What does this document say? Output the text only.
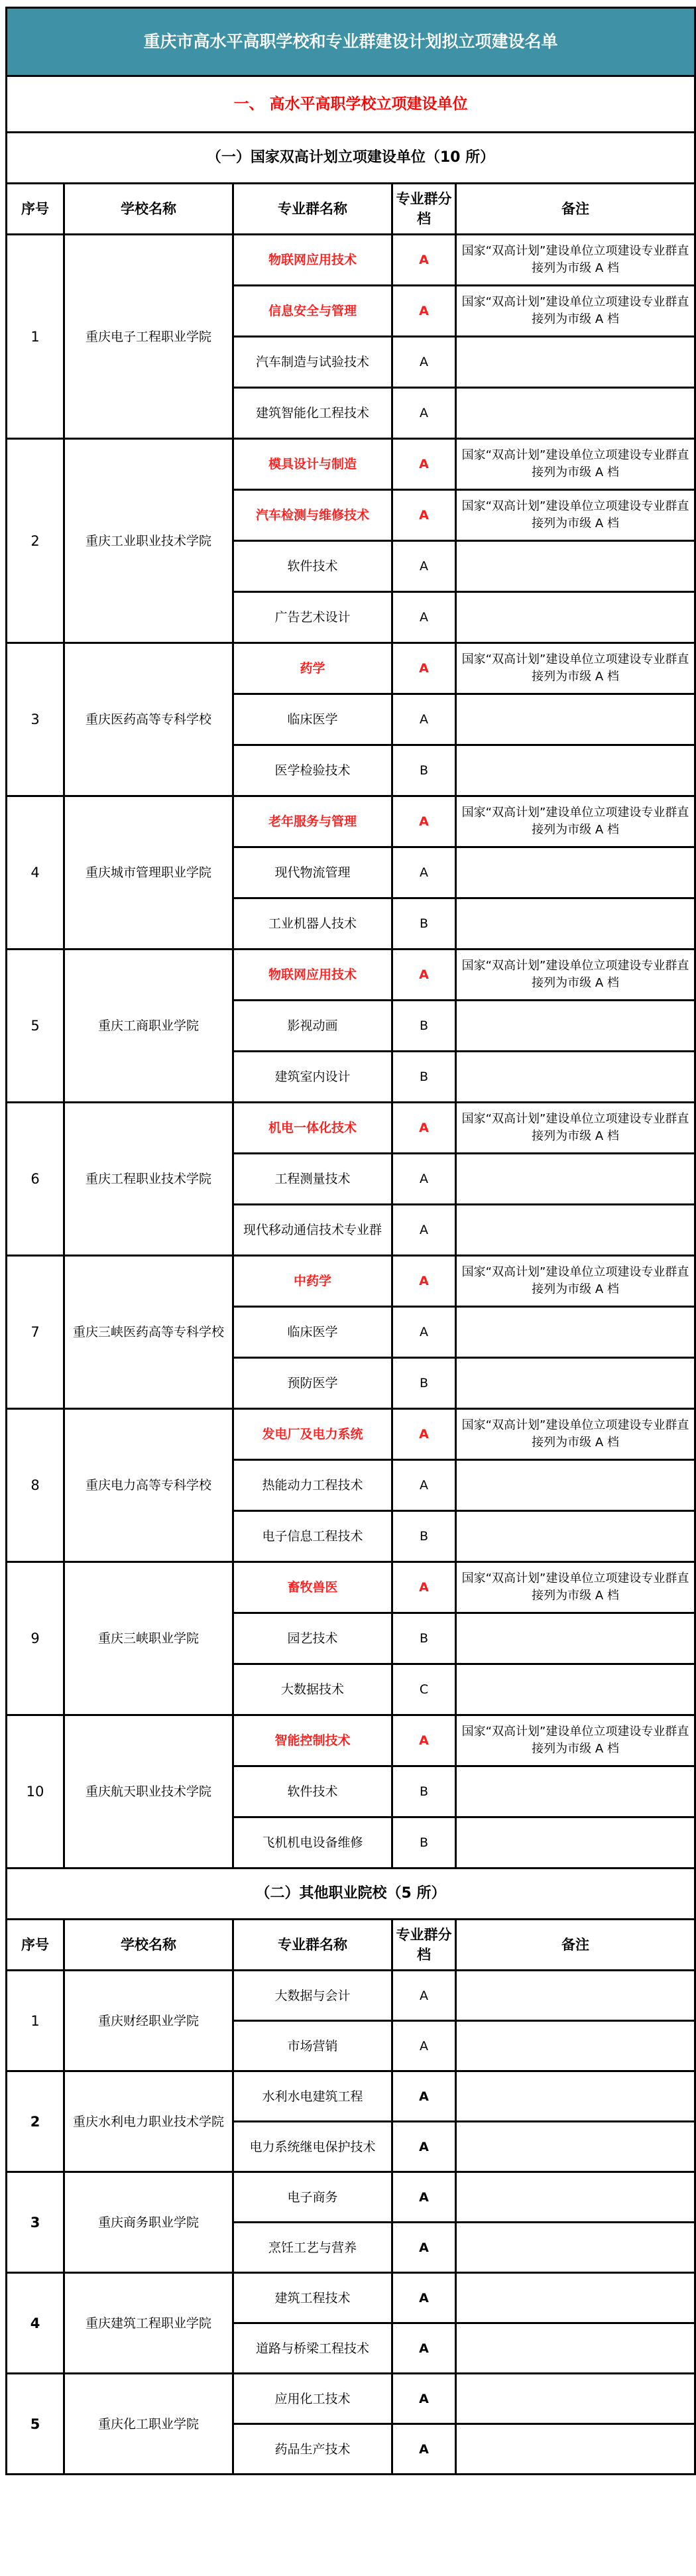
重庆市高水平高职学校和专业群建设计划拟立项建设名单				
一、 高水平高职学校立项建设单位				
（一）国家双高计划立项建设单位（10 所）				
序号	学校名称	专业群名称	专业群分档	备注
1	重庆电子工程职业学院	物联网应用技术	A	国家“双高计划”建设单位立项建设专业群直接列为市级 A 档
		信息安全与管理	A	国家“双高计划”建设单位立项建设专业群直接列为市级 A 档
		汽车制造与试验技术	A	
		建筑智能化工程技术	A	
2	重庆工业职业技术学院	模具设计与制造	A	国家“双高计划”建设单位立项建设专业群直接列为市级 A 档
		汽车检测与维修技术	A	国家“双高计划”建设单位立项建设专业群直接列为市级 A 档
		软件技术	A	
		广告艺术设计	A	
3	重庆医药高等专科学校	药学	A	国家“双高计划”建设单位立项建设专业群直接列为市级 A 档
		临床医学	A	
		医学检验技术	B	
4	重庆城市管理职业学院	老年服务与管理	A	国家“双高计划”建设单位立项建设专业群直接列为市级 A 档
		现代物流管理	A	
		工业机器人技术	B	
5	重庆工商职业学院	物联网应用技术	A	国家“双高计划”建设单位立项建设专业群直接列为市级 A 档
		影视动画	B	
		建筑室内设计	B	
6	重庆工程职业技术学院	机电一体化技术	A	国家“双高计划”建设单位立项建设专业群直接列为市级 A 档
		工程测量技术	A	
		现代移动通信技术专业群	A	
7	重庆三峡医药高等专科学校	中药学	A	国家“双高计划”建设单位立项建设专业群直接列为市级 A 档
		临床医学	A	
		预防医学	B	
8	重庆电力高等专科学校	发电厂及电力系统	A	国家“双高计划”建设单位立项建设专业群直接列为市级 A 档
		热能动力工程技术	A	
		电子信息工程技术	B	
9	重庆三峡职业学院	畜牧兽医	A	国家“双高计划”建设单位立项建设专业群直接列为市级 A 档
		园艺技术	B	
		大数据技术	C	
10	重庆航天职业技术学院	智能控制技术	A	国家“双高计划”建设单位立项建设专业群直接列为市级 A 档
		软件技术	B	
		飞机机电设备维修	B	
（二）其他职业院校（5 所）				
序号	学校名称	专业群名称	专业群分档	备注
1	重庆财经职业学院	大数据与会计	A	
		市场营销	A	
2	重庆水利电力职业技术学院	水利水电建筑工程	A	
		电力系统继电保护技术	A	
3	重庆商务职业学院	电子商务	A	
		烹饪工艺与营养	A	
4	重庆建筑工程职业学院	建筑工程技术	A	
		道路与桥梁工程技术	A	
5	重庆化工职业学院	应用化工技术	A	
		药品生产技术	A	
